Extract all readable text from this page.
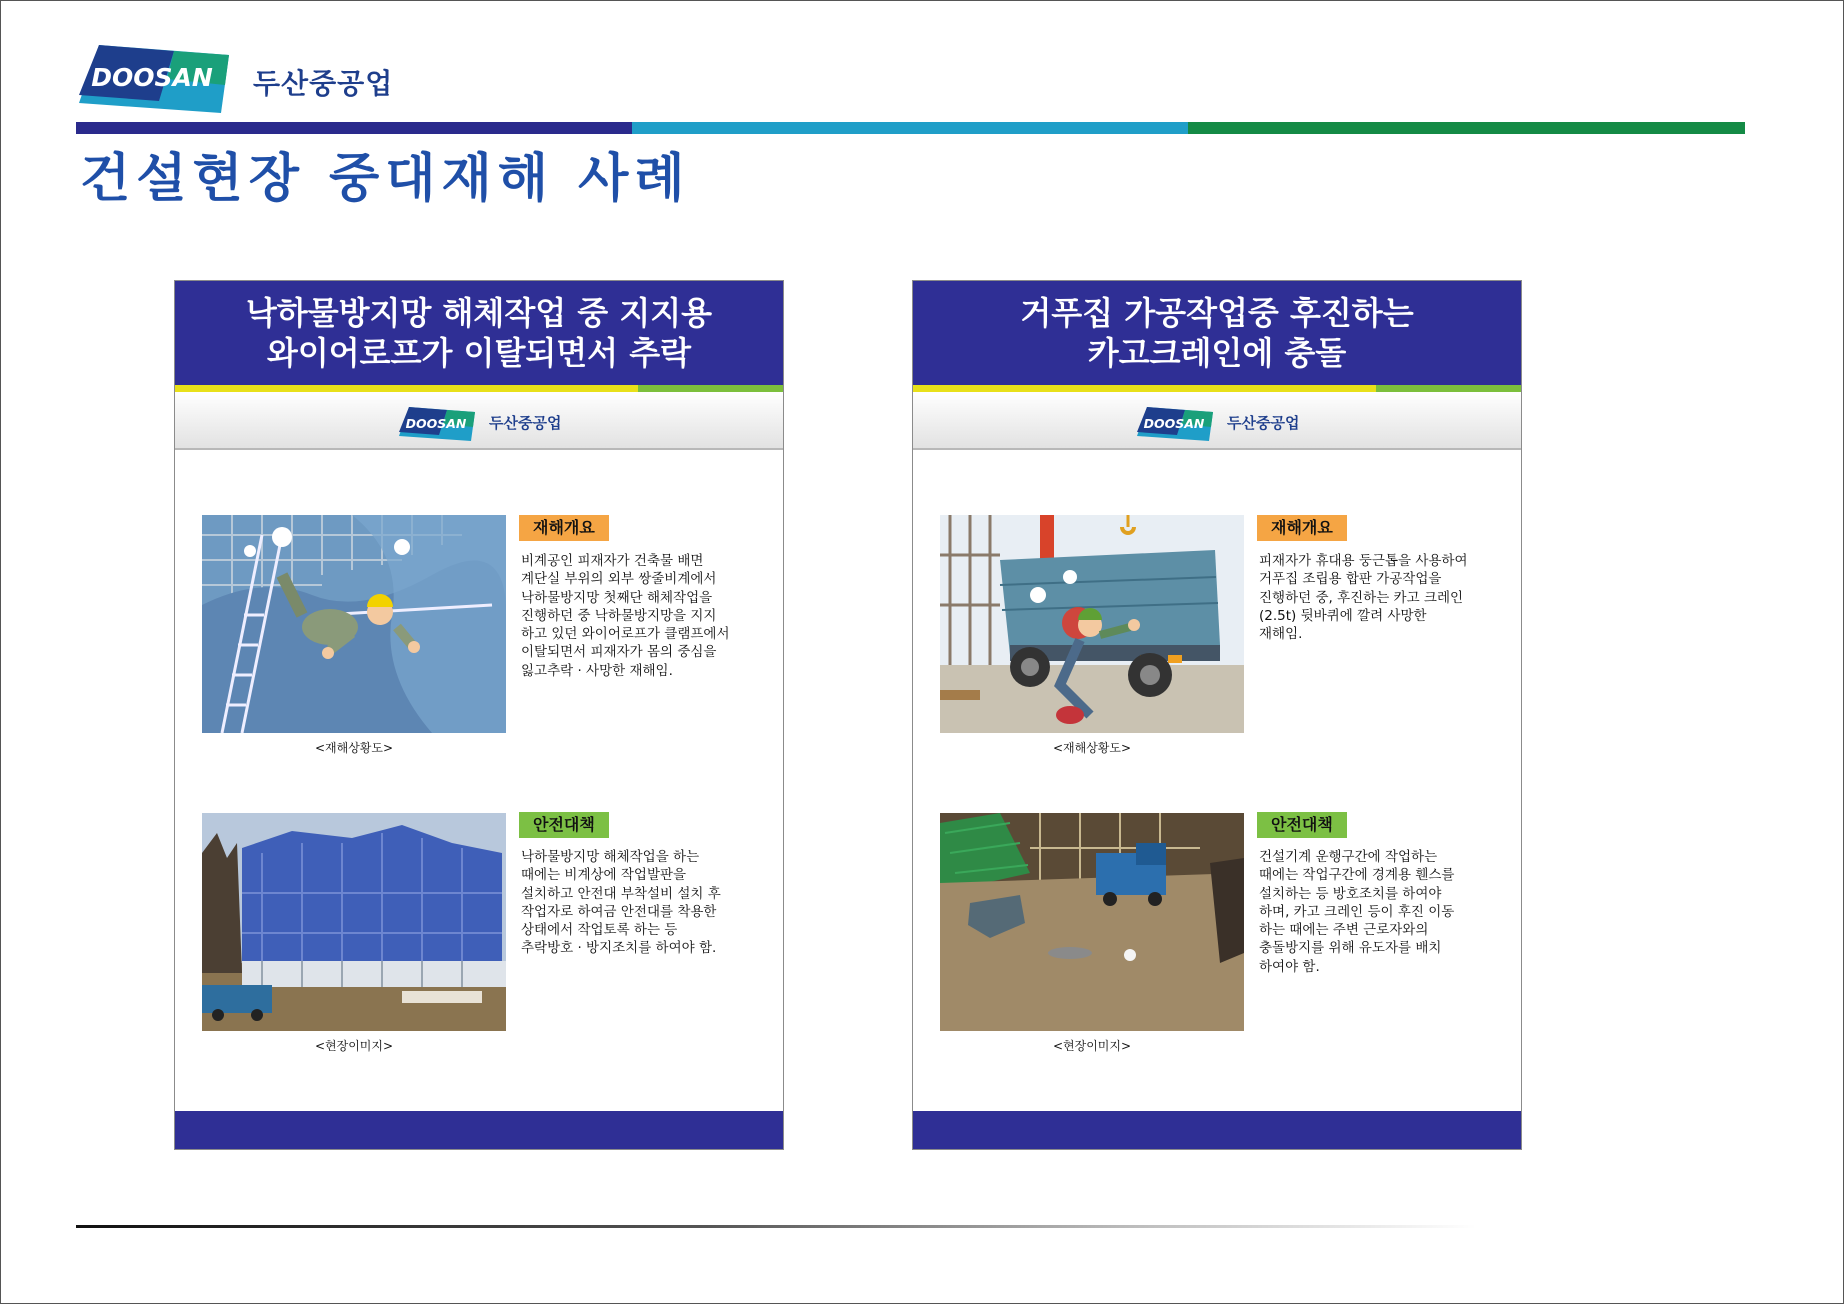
DOOSAN 두산중공업
건설현장 중대재해 사례
낙하물방지망 해체작업 중 지지용
와이어로프가 이탈되면서 추락
DOOSAN 두산중공업
<재해상황도>
재해개요
비계공인 피재자가 건축물 배면
계단실 부위의 외부 쌍줄비계에서
낙하물방지망 첫째단 해체작업을
진행하던 중 낙하물방지망을 지지
하고 있던 와이어로프가 클램프에서
이탈되면서 피재자가 몸의 중심을
잃고추락 · 사망한 재해임.
<현장이미지>
안전대책
낙하물방지망 해체작업을 하는
때에는 비계상에 작업발판을
설치하고 안전대 부착설비 설치 후
작업자로 하여금 안전대를 착용한
상태에서 작업토록 하는 등
추락방호 · 방지조치를 하여야 함.
거푸집 가공작업중 후진하는
카고크레인에 충돌
DOOSAN 두산중공업
<재해상황도>
재해개요
피재자가 휴대용 둥근톱을 사용하여
거푸집 조립용 합판 가공작업을
진행하던 중, 후진하는 카고 크레인
(2.5t) 뒷바퀴에 깔려 사망한
재해임.
<현장이미지>
안전대책
건설기계 운행구간에 작업하는
때에는 작업구간에 경계용 휀스를
설치하는 등 방호조치를 하여야
하며, 카고 크레인 등이 후진 이동
하는 때에는 주변 근로자와의
충돌방지를 위해 유도자를 배치
하여야 함.
